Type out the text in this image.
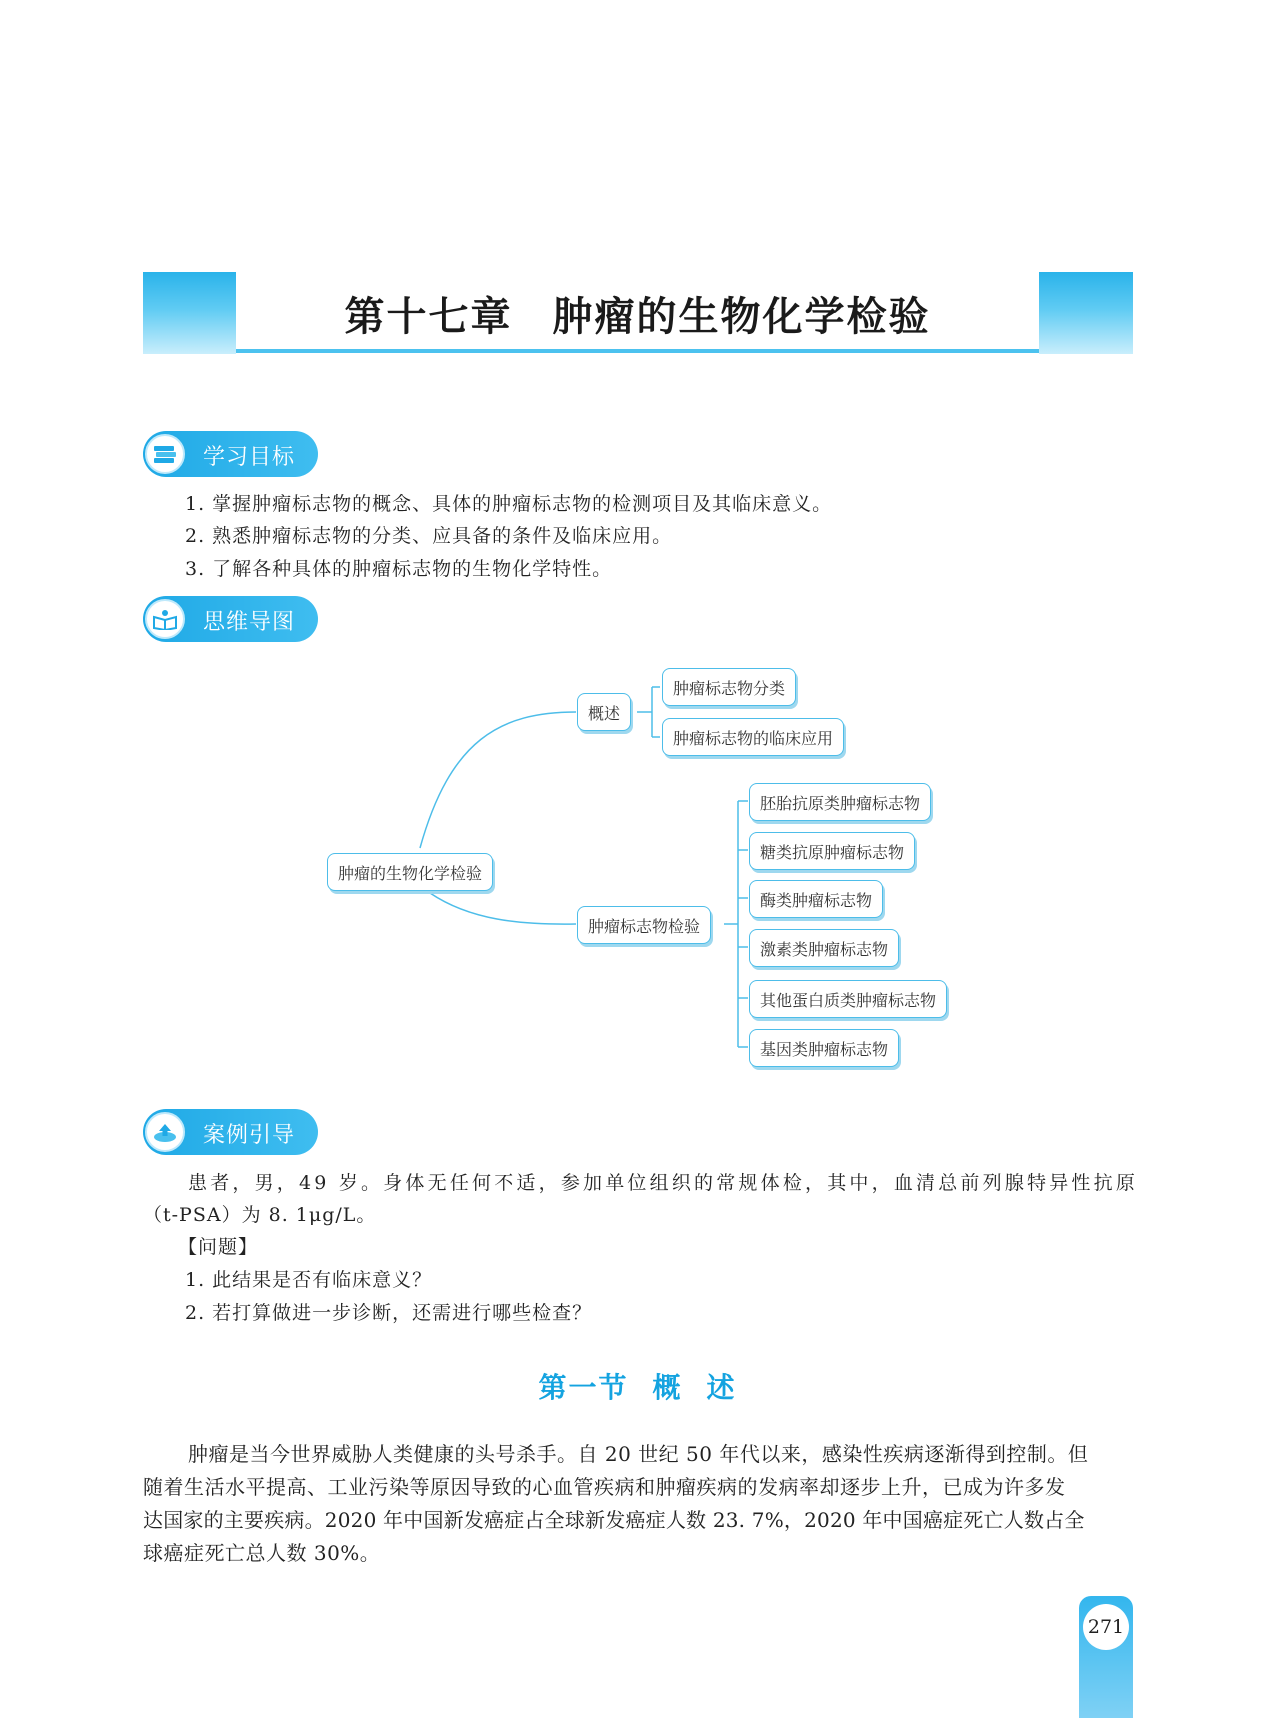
第十七章 肿瘤的生物化学检验
学习目标
1. 掌握肿瘤标志物的概念、具体的肿瘤标志物的检测项目及其临床意义。
2. 熟悉肿瘤标志物的分类、应具备的条件及临床应用。
3. 了解各种具体的肿瘤标志物的生物化学特性。
思维导图
肿瘤的生物化学检验
概述
肿瘤标志物分类
肿瘤标志物的临床应用
肿瘤标志物检验
胚胎抗原类肿瘤标志物
糖类抗原肿瘤标志物
酶类肿瘤标志物
激素类肿瘤标志物
其他蛋白质类肿瘤标志物
基因类肿瘤标志物
案例引导
患者，男，49 岁。身体无任何不适，参加单位组织的常规体检，其中，血清总前列腺特异性抗原
（t-PSA）为 8. 1μg/L。
【问题】
1. 此结果是否有临床意义？
2. 若打算做进一步诊断，还需进行哪些检查？
第一节 概 述
肿瘤是当今世界威胁人类健康的头号杀手。自 20 世纪 50 年代以来，感染性疾病逐渐得到控制。但
随着生活水平提高、工业污染等原因导致的心血管疾病和肿瘤疾病的发病率却逐步上升，已成为许多发
达国家的主要疾病。2020 年中国新发癌症占全球新发癌症人数 23. 7%，2020 年中国癌症死亡人数占全
球癌症死亡总人数 30%。
271
